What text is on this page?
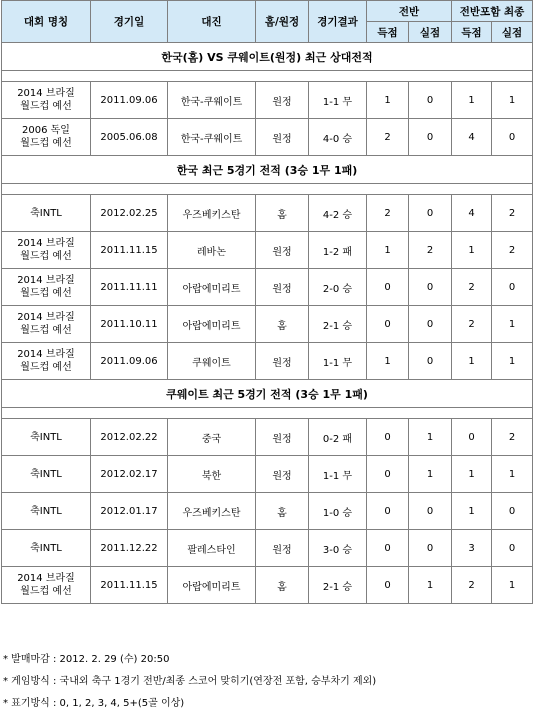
대회 명칭	경기일	대진	홈/원정	경기결과	전반		전반포함 최종	
					득점	실점	득점	실점
한국(홈) VS 쿠웨이트(원정) 최근 상대전적								

2014 브라질
월드컵 예선	2011.09.06	한국-쿠웨이트	원정	1-1 무	1	0	1	1

2006 독일
월드컵 예선	2005.06.08	한국-쿠웨이트	원정	4-0 승	2	0	4	0
한국 최근 5경기 전적 (3승 1무 1패)								

축INTL	2012.02.25	우즈베키스탄	홈	4-2 승	2	0	4	2

2014 브라질
월드컵 예선	2011.11.15	레바논	원정	1-2 패	1	2	1	2

2014 브라질
월드컵 예선	2011.11.11	아랍에미리트	원정	2-0 승	0	0	2	0

2014 브라질
월드컵 예선	2011.10.11	아랍에미리트	홈	2-1 승	0	0	2	1

2014 브라질
월드컵 예선	2011.09.06	쿠웨이트	원정	1-1 무	1	0	1	1
쿠웨이트 최근 5경기 전적 (3승 1무 1패)								

축INTL	2012.02.22	중국	원정	0-2 패	0	1	0	2

축INTL	2012.02.17	북한	원정	1-1 무	0	1	1	1

축INTL	2012.01.17	우즈베키스탄	홈	1-0 승	0	0	1	0

축INTL	2011.12.22	팔레스타인	원정	3-0 승	0	0	3	0

2014 브라질
월드컵 예선	2011.11.15	아랍에미리트	홈	2-1 승	0	1	2	1
* 발매마감 : 2012. 2. 29 (수) 20:50
* 게임방식 : 국내외 축구 1경기 전반/최종 스코어 맞히기(연장전 포함, 승부차기 제외)
* 표기방식 : 0, 1, 2, 3, 4, 5+(5골 이상)
